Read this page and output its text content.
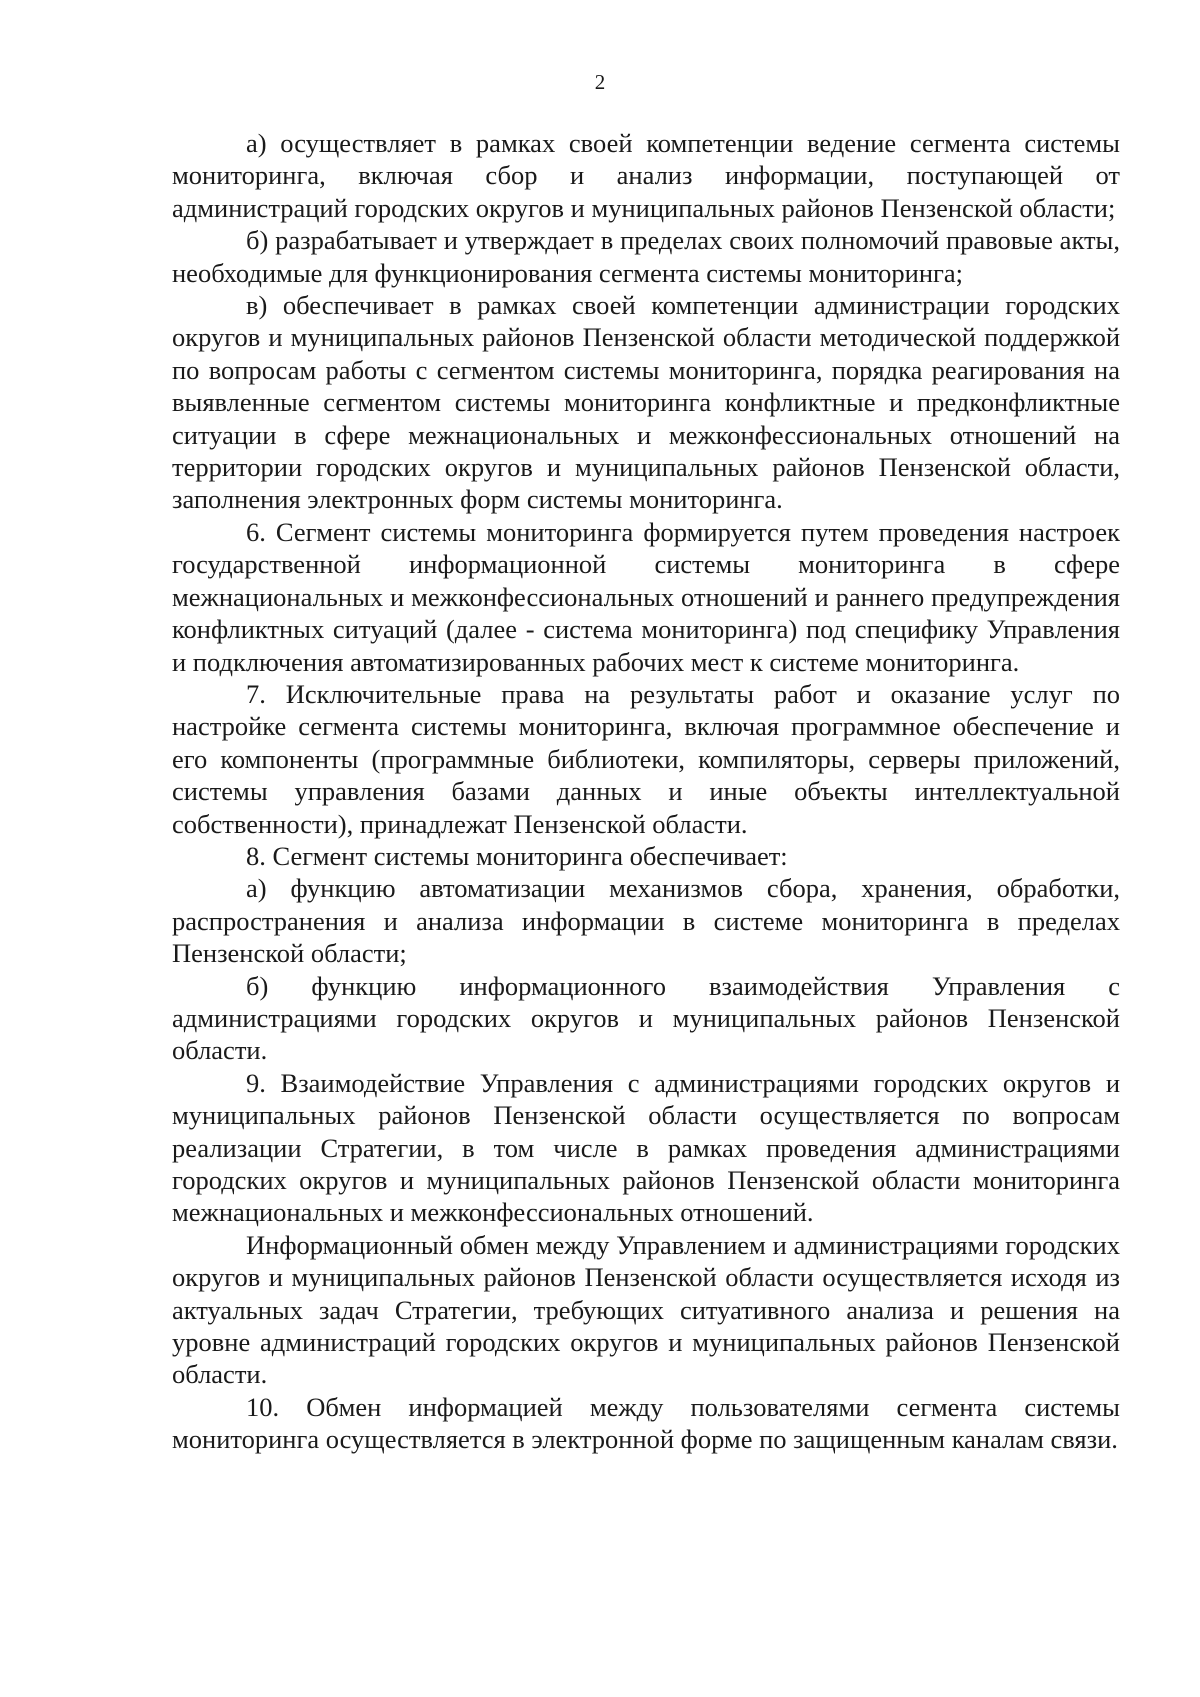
2

а) осуществляет в рамках своей компетенции ведение сегмента системы мониторинга, включая сбор и анализ информации, поступающей от администраций городских округов и муниципальных районов Пензенской области;

б) разрабатывает и утверждает в пределах своих полномочий правовые акты, необходимые для функционирования сегмента системы мониторинга;

в) обеспечивает в рамках своей компетенции администрации городских округов и муниципальных районов Пензенской области методической поддержкой по вопросам работы с сегментом системы мониторинга, порядка реагирования на выявленные сегментом системы мониторинга конфликтные и предконфликтные ситуации в сфере межнациональных и межконфессиональных отношений на территории городских округов и муниципальных районов Пензенской области, заполнения электронных форм системы мониторинга.

6. Сегмент системы мониторинга формируется путем проведения настроек государственной информационной системы мониторинга в сфере межнациональных и межконфессиональных отношений и раннего предупреждения конфликтных ситуаций (далее - система мониторинга) под специфику Управления и подключения автоматизированных рабочих мест к системе мониторинга.

7. Исключительные права на результаты работ и оказание услуг по настройке сегмента системы мониторинга, включая программное обеспечение и его компоненты (программные библиотеки, компиляторы, серверы приложений, системы управления базами данных и иные объекты интеллектуальной собственности), принадлежат Пензенской области.

8. Сегмент системы мониторинга обеспечивает:

а) функцию автоматизации механизмов сбора, хранения, обработки, распространения и анализа информации в системе мониторинга в пределах Пензенской области;

б) функцию информационного взаимодействия Управления с администрациями городских округов и муниципальных районов Пензенской области.

9. Взаимодействие Управления с администрациями городских округов и муниципальных районов Пензенской области осуществляется по вопросам реализации Стратегии, в том числе в рамках проведения администрациями городских округов и муниципальных районов Пензенской области мониторинга межнациональных и межконфессиональных отношений.

Информационный обмен между Управлением и администрациями городских округов и муниципальных районов Пензенской области осуществляется исходя из актуальных задач Стратегии, требующих ситуативного анализа и решения на уровне администраций городских округов и муниципальных районов Пензенской области.

10. Обмен информацией между пользователями сегмента системы мониторинга осуществляется в электронной форме по защищенным каналам связи.
